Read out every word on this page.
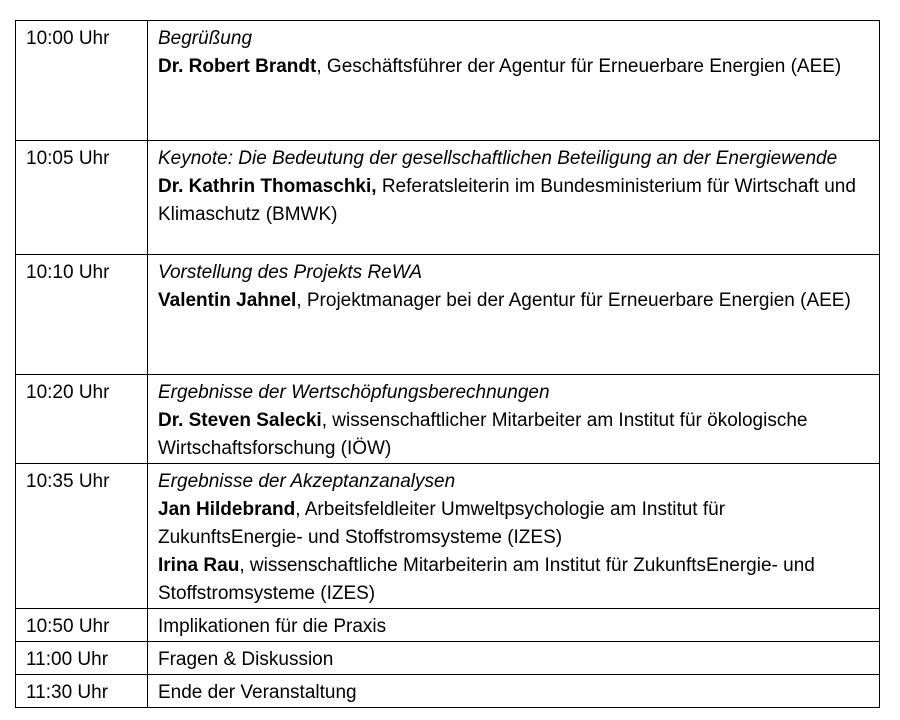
10:00 Uhr	Begrüßung
Dr. Robert Brandt, Geschäftsführer der Agentur für Erneuerbare Energien (AEE)

10:05 Uhr	Keynote: Die Bedeutung der gesellschaftlichen Beteiligung an der Energiewende
Dr. Kathrin Thomaschki, Referatsleiterin im Bundesministerium für Wirtschaft und Klimaschutz (BMWK)

10:10 Uhr	Vorstellung des Projekts ReWA
Valentin Jahnel, Projektmanager bei der Agentur für Erneuerbare Energien (AEE)

10:20 Uhr	Ergebnisse der Wertschöpfungsberechnungen
Dr. Steven Salecki, wissenschaftlicher Mitarbeiter am Institut für ökologische Wirtschaftsforschung (IÖW)

10:35 Uhr	Ergebnisse der Akzeptanzanalysen
Jan Hildebrand, Arbeitsfeldleiter Umweltpsychologie am Institut für ZukunftsEnergie- und Stoffstromsysteme (IZES)
Irina Rau, wissenschaftliche Mitarbeiterin am Institut für ZukunftsEnergie- und Stoffstromsysteme (IZES)

10:50 Uhr	Implikationen für die Praxis

11:00 Uhr	Fragen & Diskussion

11:30 Uhr	Ende der Veranstaltung
